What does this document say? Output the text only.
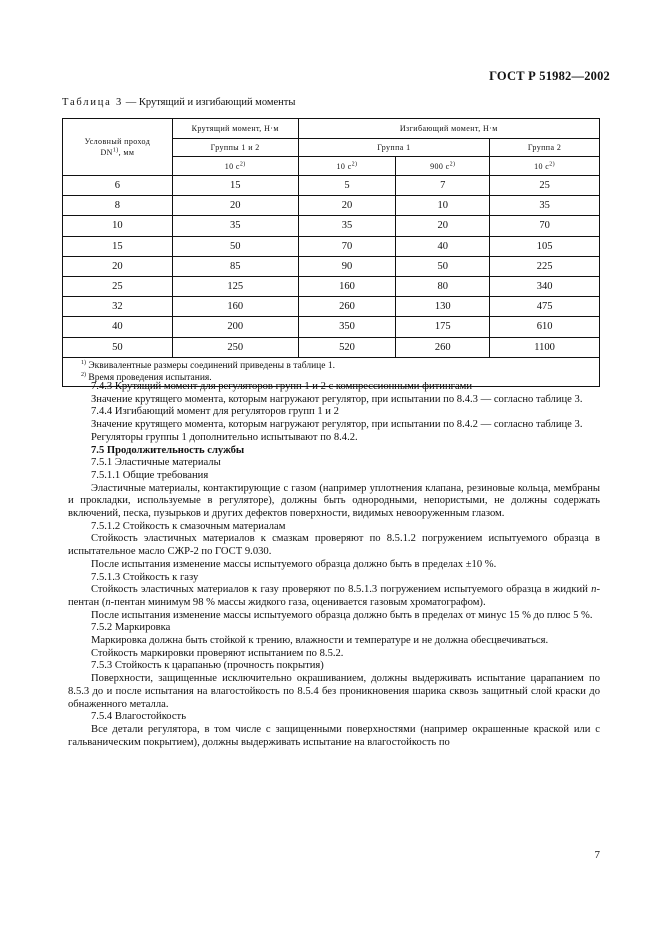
ГОСТ Р 51982—2002
Таблица 3 — Крутящий и изгибающий моменты
Условный проход
DN$^{1)}$, мм	Крутящий момент, Н·м	Изгибающий момент, Н·м		
	Группы 1 и 2	Группа 1		Группа 2
	10 $с^{2)}$	10 $с^{2)}$	900 $с^{2)}$	10 $с^{2)}$
6	15	5	7	25
8	20	20	10	35
10	35	35	20	70
15	50	70	40	105
20	85	90	50	225
25	125	160	80	340
32	160	260	130	475
40	200	350	175	610
50	250	520	260	1100

$^{1)}$ Эквивалентные размеры соединений приведены в таблице 1.
$^{2)}$ Время проведения испытания.				

7.4.3 Крутящий момент для регуляторов групп 1 и 2 с компрессионными фитингами

Значение крутящего момента, которым нагружают регулятор, при испытании по 8.4.3 — согласно таблице 3.

7.4.4 Изгибающий момент для регуляторов групп 1 и 2

Значение крутящего момента, которым нагружают регулятор, при испытании по 8.4.2 — согласно таблице 3.

Регуляторы группы 1 дополнительно испытывают по 8.4.2.

7.5 Продолжительность службы

7.5.1 Эластичные материалы

7.5.1.1 Общие требования

Эластичные материалы, контактирующие с газом (например уплотнения клапана, резиновые кольца, мембраны и прокладки, используемые в регуляторе), должны быть однородными, непористыми, не должны содержать включений, песка, пузырьков и других дефектов поверхности, видимых невооруженным глазом.

7.5.1.2 Стойкость к смазочным материалам

Стойкость эластичных материалов к смазкам проверяют по 8.5.1.2 погружением испытуемого образца в испытательное масло СЖР-2 по ГОСТ 9.030.

После испытания изменение массы испытуемого образца должно быть в пределах ±10 %.

7.5.1.3 Стойкость к газу

Стойкость эластичных материалов к газу проверяют по 8.5.1.3 погружением испытуемого образца в жидкий n-пентан (n-пентан минимум 98 % массы жидкого газа, оценивается газовым хроматографом).

После испытания изменение массы испытуемого образца должно быть в пределах от минус 15 % до плюс 5 %.

7.5.2 Маркировка

Маркировка должна быть стойкой к трению, влажности и температуре и не должна обесцвечиваться.

Стойкость маркировки проверяют испытанием по 8.5.2.

7.5.3 Стойкость к царапанью (прочность покрытия)

Поверхности, защищенные исключительно окрашиванием, должны выдерживать испытание царапанием по 8.5.3 до и после испытания на влагостойкость по 8.5.4 без проникновения шарика сквозь защитный слой краски до обнаженного металла.

7.5.4 Влагостойкость

Все детали регулятора, в том числе с защищенными поверхностями (например окрашенные краской или с гальваническим покрытием), должны выдерживать испытание на влагостойкость по

7
